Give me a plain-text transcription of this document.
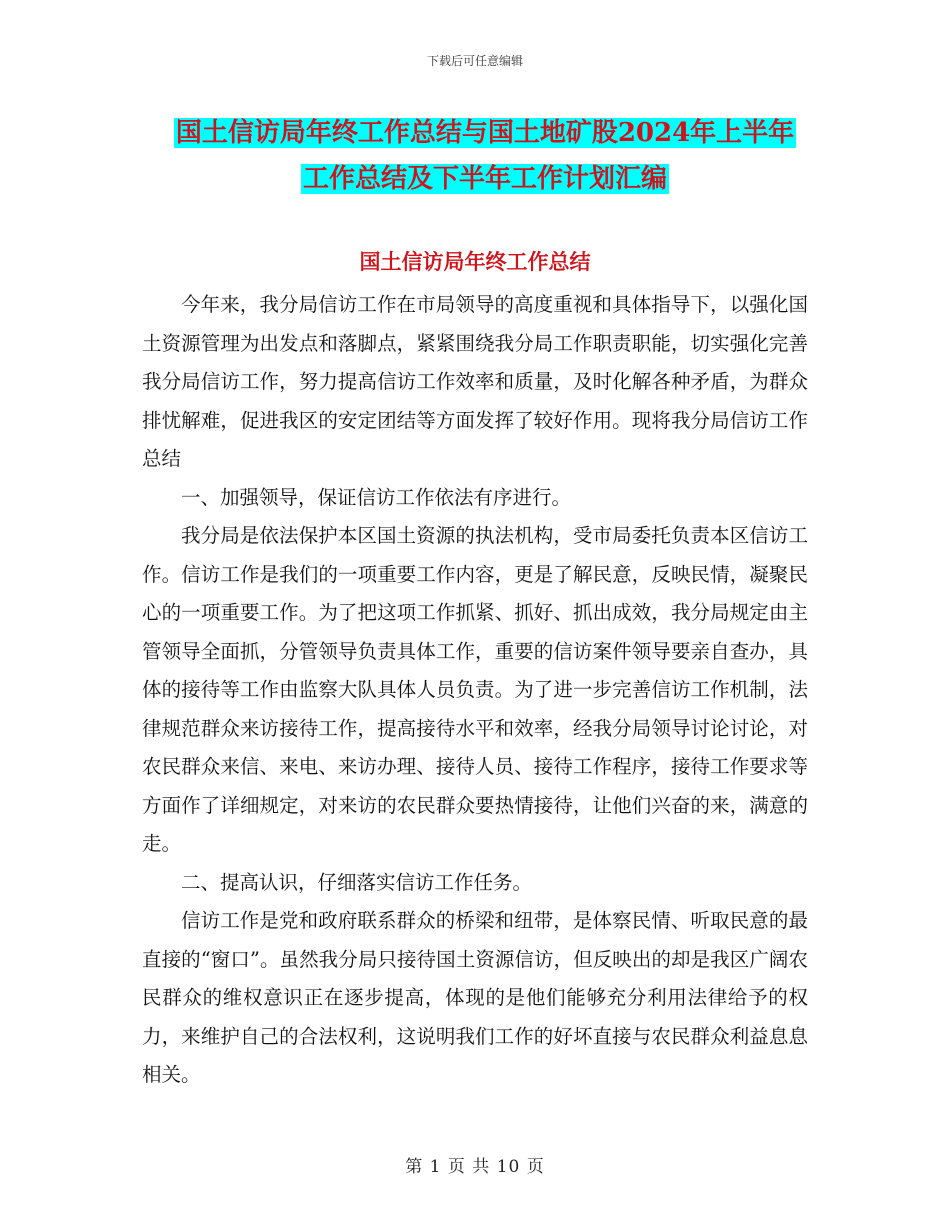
下载后可任意编辑
国土信访局年终工作总结与国土地矿股2024年上半年
工作总结及下半年工作计划汇编
国土信访局年终工作总结

今年来，我分局信访工作在市局领导的高度重视和具体指导下，以强化国土资源管理为出发点和落脚点，紧紧围绕我分局工作职责职能，切实强化完善我分局信访工作，努力提高信访工作效率和质量，及时化解各种矛盾，为群众排忧解难，促进我区的安定团结等方面发挥了较好作用。现将我分局信访工作总结

一、加强领导，保证信访工作依法有序进行。

我分局是依法保护本区国土资源的执法机构，受市局委托负责本区信访工作。信访工作是我们的一项重要工作内容，更是了解民意，反映民情，凝聚民心的一项重要工作。为了把这项工作抓紧、抓好、抓出成效，我分局规定由主管领导全面抓，分管领导负责具体工作，重要的信访案件领导要亲自查办，具体的接待等工作由监察大队具体人员负责。为了进一步完善信访工作机制，法律规范群众来访接待工作，提高接待水平和效率，经我分局领导讨论讨论，对农民群众来信、来电、来访办理、接待人员、接待工作程序，接待工作要求等方面作了详细规定，对来访的农民群众要热情接待，让他们兴奋的来，满意的走。

二、提高认识，仔细落实信访工作任务。

信访工作是党和政府联系群众的桥梁和纽带，是体察民情、听取民意的最直接的“窗口”。虽然我分局只接待国土资源信访，但反映出的却是我区广阔农民群众的维权意识正在逐步提高，体现的是他们能够充分利用法律给予的权力，来维护自己的合法权利，这说明我们工作的好坏直接与农民群众利益息息相关。

第 1 页 共 10 页
